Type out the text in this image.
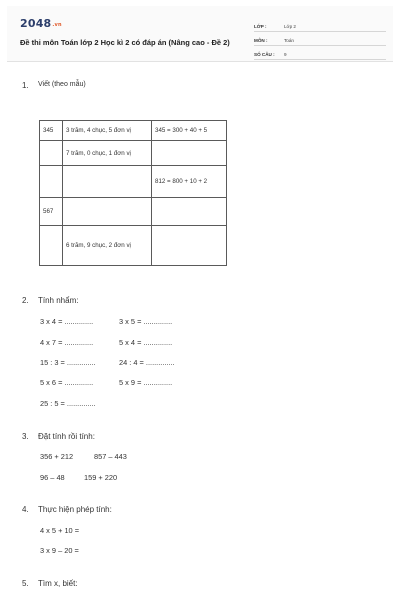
2048.vn
Đề thi môn Toán lớp 2 Học kì 2 có đáp án (Nâng cao - Đề 2)
LỚP :	Lớp 2
MÔN :	Toán
SỐ CÂU :	9
1.	Viết (theo mẫu)
345	3 trăm, 4 chục, 5 đơn vị	345 = 300 + 40 + 5
	7 trăm, 0 chục, 1 đơn vị	
		812 = 800 + 10 + 2
567		
	6 trăm, 9 chục, 2 đơn vị	
2.	Tính nhẩm:
3 x 4 = ..............	3 x 5 = ..............
4 x 7 = ..............	5 x 4 = ..............
15 : 3 = ..............	24 : 4 = ..............
5 x 6 = ..............	5 x 9 = ..............
25 : 5 = ..............
3.	Đặt tính rồi tính:
356 + 212	857 – 443
96 – 48	159 + 220
4.	Thực hiện phép tính:
4 x 5 + 10 =
3 x 9 – 20 =
5.	Tìm x, biết:
